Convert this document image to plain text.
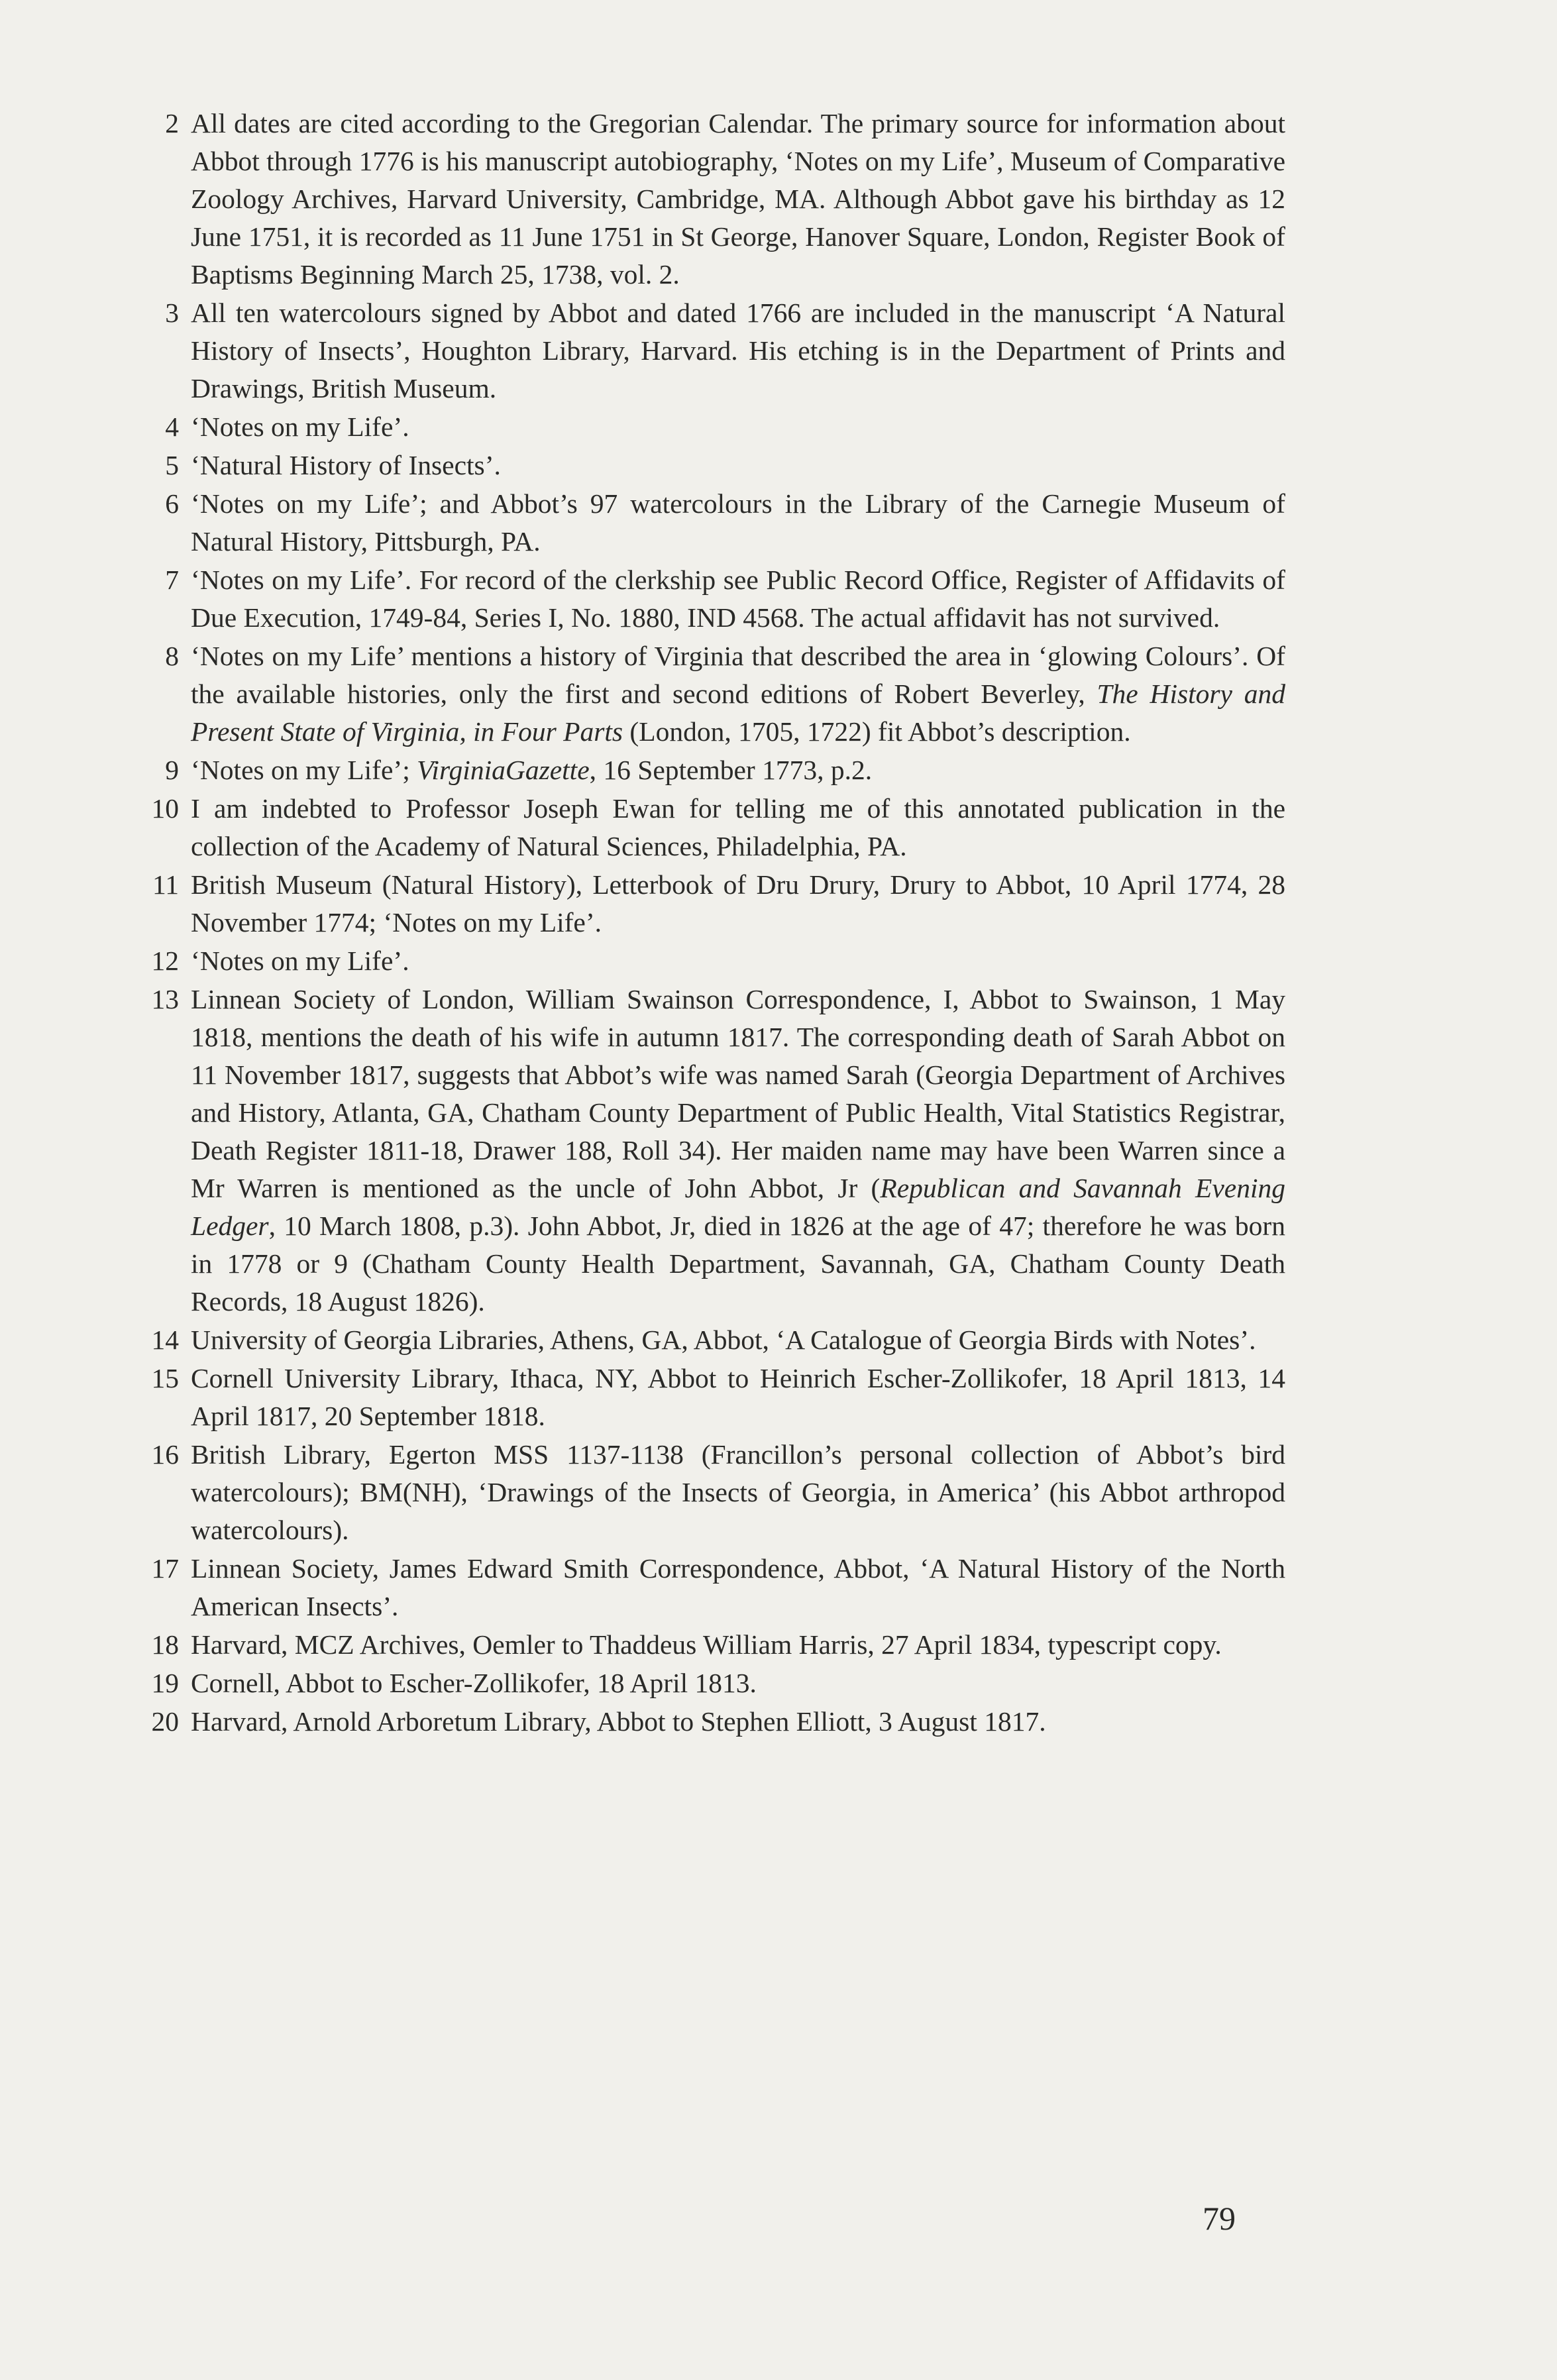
2 All dates are cited according to the Gregorian Calendar. The primary source for information about Abbot through 1776 is his manuscript autobiography, ‘Notes on my Life’, Museum of Comparative Zoology Archives, Harvard University, Cambridge, MA. Although Abbot gave his birthday as 12 June 1751, it is recorded as 11 June 1751 in St George, Hanover Square, London, Register Book of Baptisms Beginning March 25, 1738, vol. 2.
3 All ten watercolours signed by Abbot and dated 1766 are included in the manuscript ‘A Natural History of Insects’, Houghton Library, Harvard. His etching is in the Department of Prints and Drawings, British Museum.
4 ‘Notes on my Life’.
5 ‘Natural History of Insects’.
6 ‘Notes on my Life’; and Abbot’s 97 watercolours in the Library of the Carnegie Museum of Natural History, Pittsburgh, PA.
7 ‘Notes on my Life’. For record of the clerkship see Public Record Office, Register of Affidavits of Due Execution, 1749-84, Series I, No. 1880, IND 4568. The actual affidavit has not survived.
8 ‘Notes on my Life’ mentions a history of Virginia that described the area in ‘glowing Colours’. Of the available histories, only the first and second editions of Robert Beverley, The History and Present State of Virginia, in Four Parts (London, 1705, 1722) fit Abbot’s description.
9 ‘Notes on my Life’; VirginiaGazette, 16 September 1773, p.2.
10 I am indebted to Professor Joseph Ewan for telling me of this annotated publication in the collection of the Academy of Natural Sciences, Philadelphia, PA.
11 British Museum (Natural History), Letterbook of Dru Drury, Drury to Abbot, 10 April 1774, 28 November 1774; ‘Notes on my Life’.
12 ‘Notes on my Life’.
13 Linnean Society of London, William Swainson Correspondence, I, Abbot to Swainson, 1 May 1818, mentions the death of his wife in autumn 1817. The corresponding death of Sarah Abbot on 11 November 1817, suggests that Abbot’s wife was named Sarah (Georgia Department of Archives and History, Atlanta, GA, Chatham County Department of Public Health, Vital Statistics Registrar, Death Register 1811-18, Drawer 188, Roll 34). Her maiden name may have been Warren since a Mr Warren is mentioned as the uncle of John Abbot, Jr (Republican and Savannah Evening Ledger, 10 March 1808, p.3). John Abbot, Jr, died in 1826 at the age of 47; therefore he was born in 1778 or 9 (Chatham County Health Department, Savannah, GA, Chatham County Death Records, 18 August 1826).
14 University of Georgia Libraries, Athens, GA, Abbot, ‘A Catalogue of Georgia Birds with Notes’.
15 Cornell University Library, Ithaca, NY, Abbot to Heinrich Escher-Zollikofer, 18 April 1813, 14 April 1817, 20 September 1818.
16 British Library, Egerton MSS 1137-1138 (Francillon’s personal collection of Abbot’s bird watercolours); BM(NH), ‘Drawings of the Insects of Georgia, in America’ (his Abbot arthropod watercolours).
17 Linnean Society, James Edward Smith Correspondence, Abbot, ‘A Natural History of the North American Insects’.
18 Harvard, MCZ Archives, Oemler to Thaddeus William Harris, 27 April 1834, typescript copy.
19 Cornell, Abbot to Escher-Zollikofer, 18 April 1813.
20 Harvard, Arnold Arboretum Library, Abbot to Stephen Elliott, 3 August 1817.
79
